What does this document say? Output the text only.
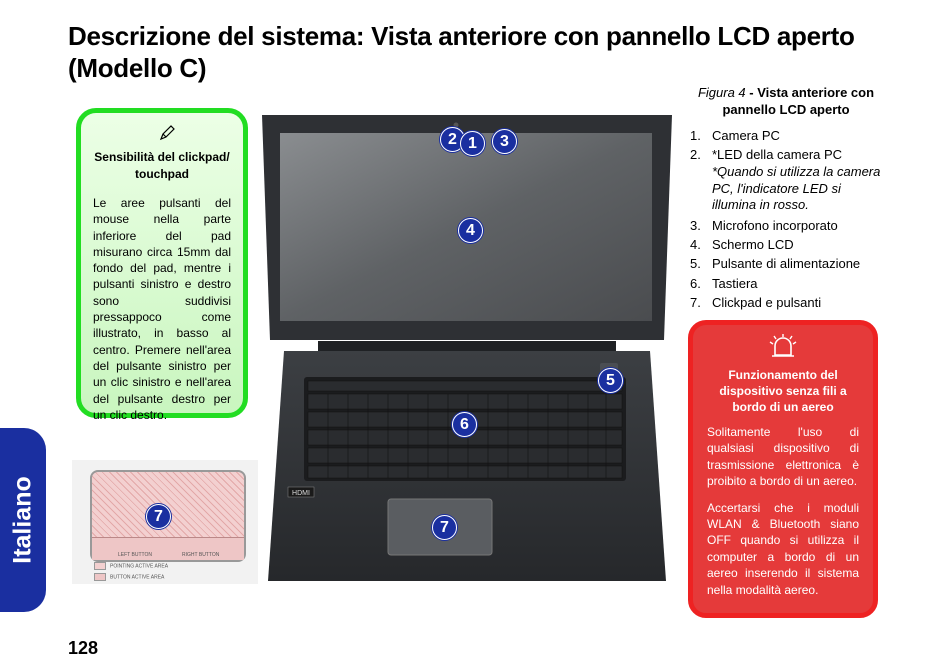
Descrizione del sistema: Vista anteriore con pannello LCD aperto (Modello C)
Italiano
128
Sensibilità del clickpad/ touchpad
Le aree pulsanti del mouse nella parte inferiore del pad misurano circa 15mm dal fondo del pad, mentre i pulsanti sinistro e destro sono suddivisi pressappoco come illustrato, in basso al centro. Premere nell'area del pulsante sinistro per un clic sinistro e nell'area del pulsante destro per un clic destro.
LEFT BUTTON	RIGHT BUTTON
7
POINTING ACTIVE AREA
BUTTON ACTIVE AREA
HDMI
2 1	3
4
5
6
7
Figura 4 - Vista anteriore con pannello LCD aperto
1. Camera PC
2. *LED della camera PC
*Quando si utilizza la camera PC, l'indicatore LED si illumina in rosso.
3. Microfono incorporato
4. Schermo LCD
5. Pulsante di alimentazione
6. Tastiera
7. Clickpad e pulsanti
Funzionamento del dispositivo senza fili a bordo di un aereo

Solitamente l'uso di qualsiasi dispositivo di trasmissione elettronica è proibito a bordo di un aereo.

Accertarsi che i moduli WLAN & Bluetooth siano OFF quando si utilizza il computer a bordo di un aereo inserendo il sistema nella modalità aereo.
